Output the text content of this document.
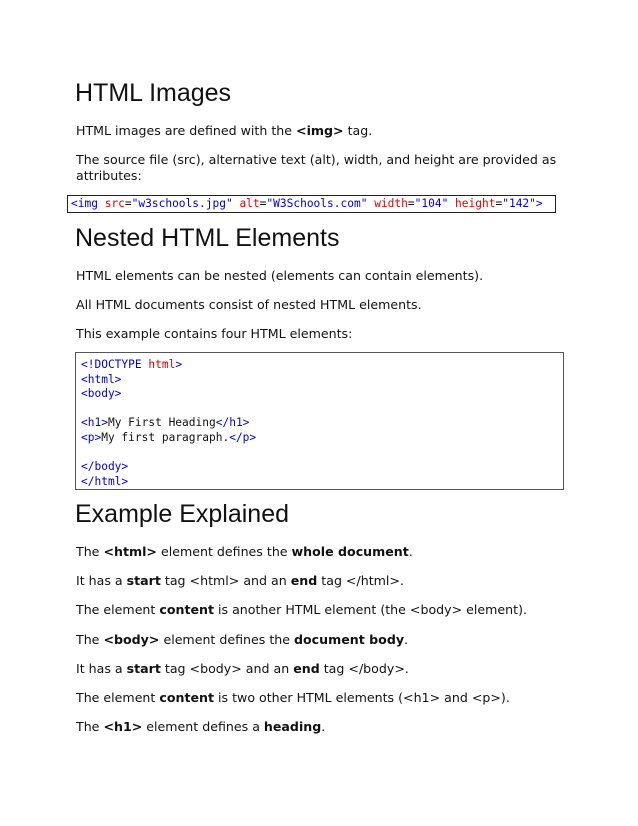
HTML Images

HTML images are defined with the <img> tag.

The source file (src), alternative text (alt), width, and height are provided as attributes:

<img src="w3schools.jpg" alt="W3Schools.com" width="104" height="142">
Nested HTML Elements

HTML elements can be nested (elements can contain elements).

All HTML documents consist of nested HTML elements.

This example contains four HTML elements:

<!DOCTYPE html>
<html>
<body>
<h1>My First Heading</h1>
<p>My first paragraph.</p>
</body>
</html>
Example Explained

The <html> element defines the whole document.

It has a start tag <html> and an end tag </html>.

The element content is another HTML element (the <body> element).

The <body> element defines the document body.

It has a start tag <body> and an end tag </body>.

The element content is two other HTML elements (<h1> and <p>).

The <h1> element defines a heading.
